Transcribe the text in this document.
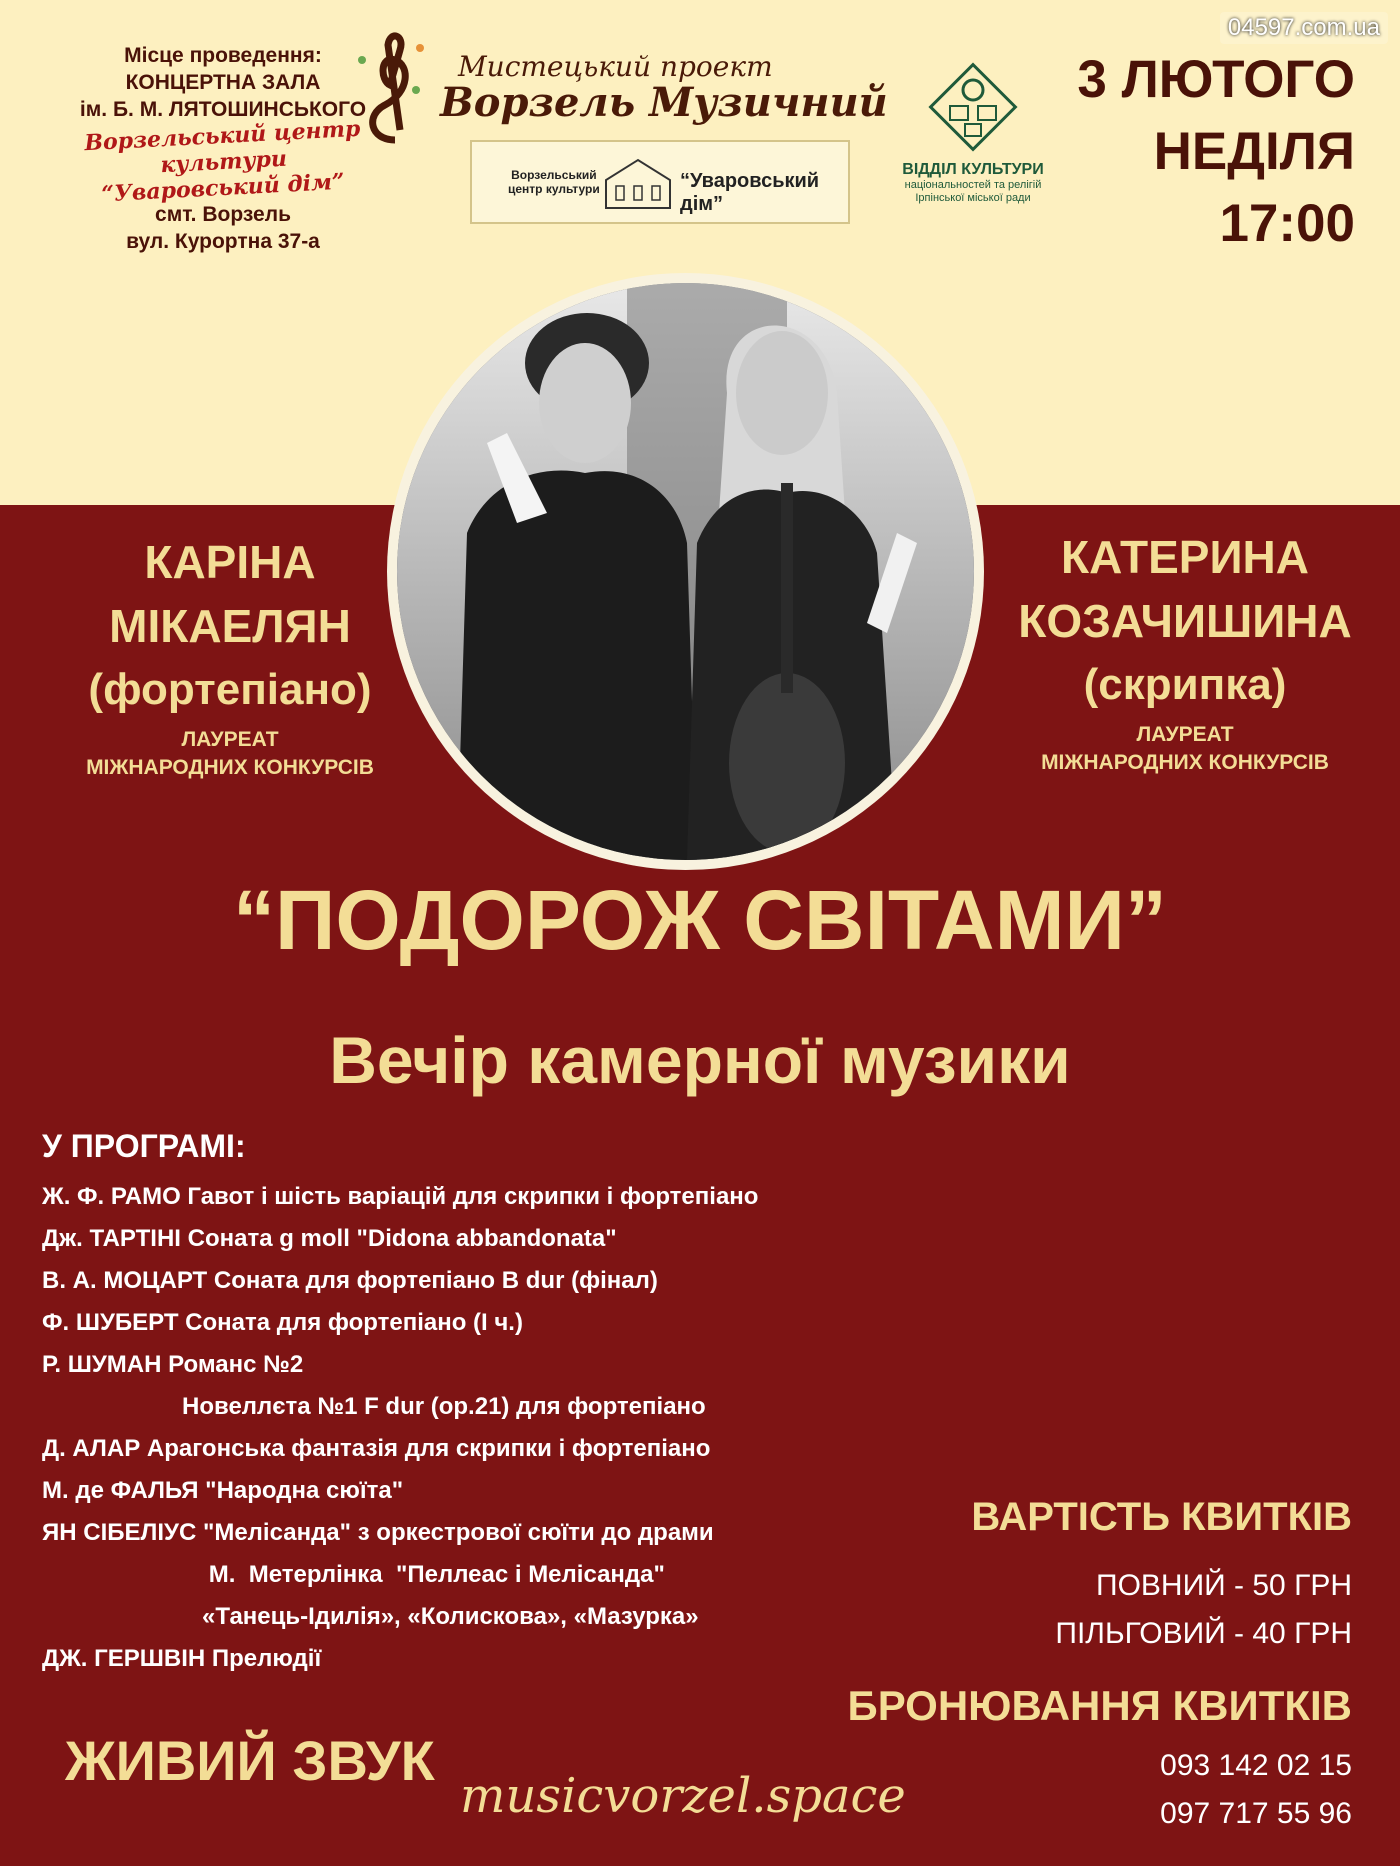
Місце проведення:
КОНЦЕРТНА ЗАЛА
ім. Б. М. ЛЯТОШИНСЬКОГО
Ворзельський центр культури
“Уваровський дім”
смт. Ворзель
вул. Курортна 37-а
Мистецький проект
Ворзель Музичний
Ворзельський
центр культури	“Уваровський дім”
ВІДДІЛ КУЛЬТУРИ
національностей та релігій
Ірпінської міської ради
04597.com.ua
3 ЛЮТОГО
НЕДІЛЯ
17:00
КАРІНА
МІКАЕЛЯН
(фортепіано)
ЛАУРЕАТ
МІЖНАРОДНИХ КОНКУРСІВ
КАТЕРИНА
КОЗАЧИШИНА
(скрипка)
ЛАУРЕАТ
МІЖНАРОДНИХ КОНКУРСІВ
“ПОДОРОЖ СВІТАМИ”
Вечір камерної музики
У ПРОГРАМІ:
Ж. Ф. РАМО Гавот і шість варіацій для скрипки і фортепіано
Дж. ТАРТІНІ Соната g moll "Didona abbandonata"
В. А. МОЦАРТ Соната для фортепіано B dur (фінал)
Ф. ШУБЕРТ Соната для фортепіано (I ч.)
Р. ШУМАН Романс №2
Новеллєта №1 F dur (op.21) для фортепіано
Д. АЛАР Арагонська фантазія для скрипки і фортепіано
М. де ФАЛЬЯ "Народна сюїта"
ЯН СІБЕЛІУС "Мелісанда" з оркестрової сюїти до драми
М.  Метерлінка  "Пеллеас і Мелісанда"
«Танець-Ідилія», «Колискова», «Мазурка»
ДЖ. ГЕРШВІН Прелюдії
ВАРТІСТЬ КВИТКІВ
ПОВНИЙ - 50 ГРН
ПІЛЬГОВИЙ - 40 ГРН
БРОНЮВАННЯ КВИТКІВ
093 142 02 15
097 717 55 96
ЖИВИЙ ЗВУК
musicvorzel.space
